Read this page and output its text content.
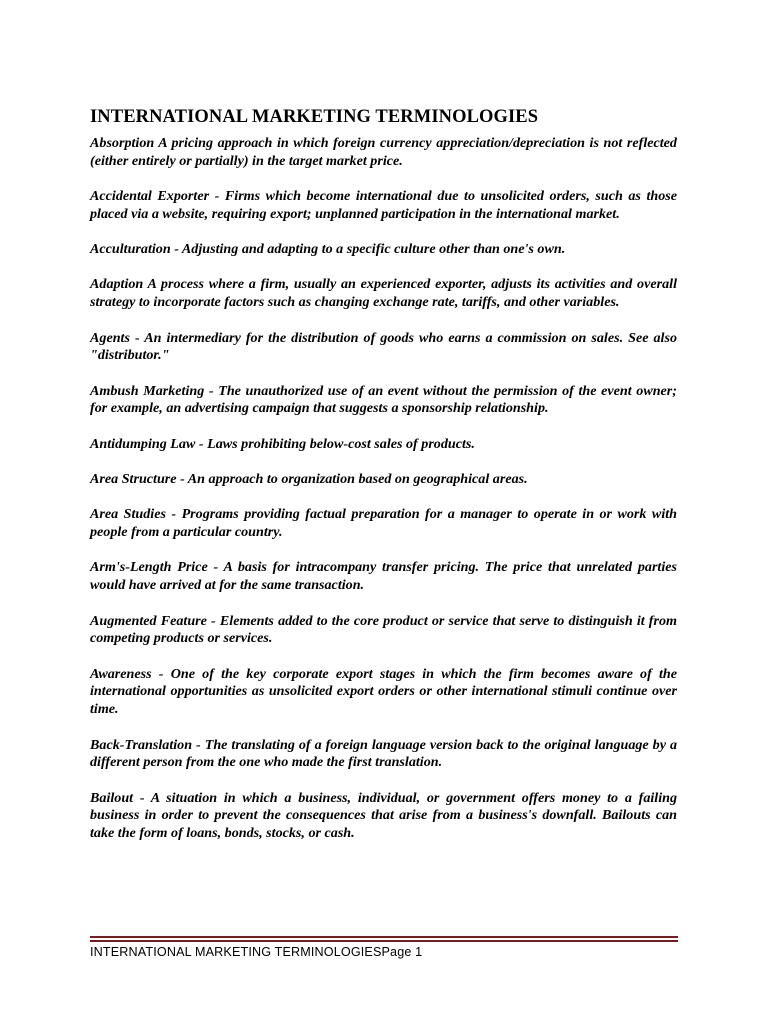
INTERNATIONAL MARKETING TERMINOLOGIES

Absorption A pricing approach in which foreign currency appreciation/depreciation is not reflected (either entirely or partially) in the target market price.

Accidental Exporter - Firms which become international due to unsolicited orders, such as those placed via a website, requiring export; unplanned participation in the international market.

Acculturation - Adjusting and adapting to a specific culture other than one's own.

Adaption A process where a firm, usually an experienced exporter, adjusts its activities and overall strategy to incorporate factors such as changing exchange rate, tariffs, and other variables.

Agents - An intermediary for the distribution of goods who earns a commission on sales. See also "distributor."

Ambush Marketing - The unauthorized use of an event without the permission of the event owner; for example, an advertising campaign that suggests a sponsorship relationship.

Antidumping Law - Laws prohibiting below-cost sales of products.

Area Structure - An approach to organization based on geographical areas.

Area Studies - Programs providing factual preparation for a manager to operate in or work with people from a particular country.

Arm's-Length Price - A basis for intracompany transfer pricing. The price that unrelated parties would have arrived at for the same transaction.

Augmented Feature - Elements added to the core product or service that serve to distinguish it from competing products or services.

Awareness - One of the key corporate export stages in which the firm becomes aware of the international opportunities as unsolicited export orders or other international stimuli continue over time.

Back-Translation - The translating of a foreign language version back to the original language by a different person from the one who made the first translation.

Bailout - A situation in which a business, individual, or government offers money to a failing business in order to prevent the consequences that arise from a business's downfall. Bailouts can take the form of loans, bonds, stocks, or cash.

INTERNATIONAL MARKETING TERMINOLOGIESPage 1
